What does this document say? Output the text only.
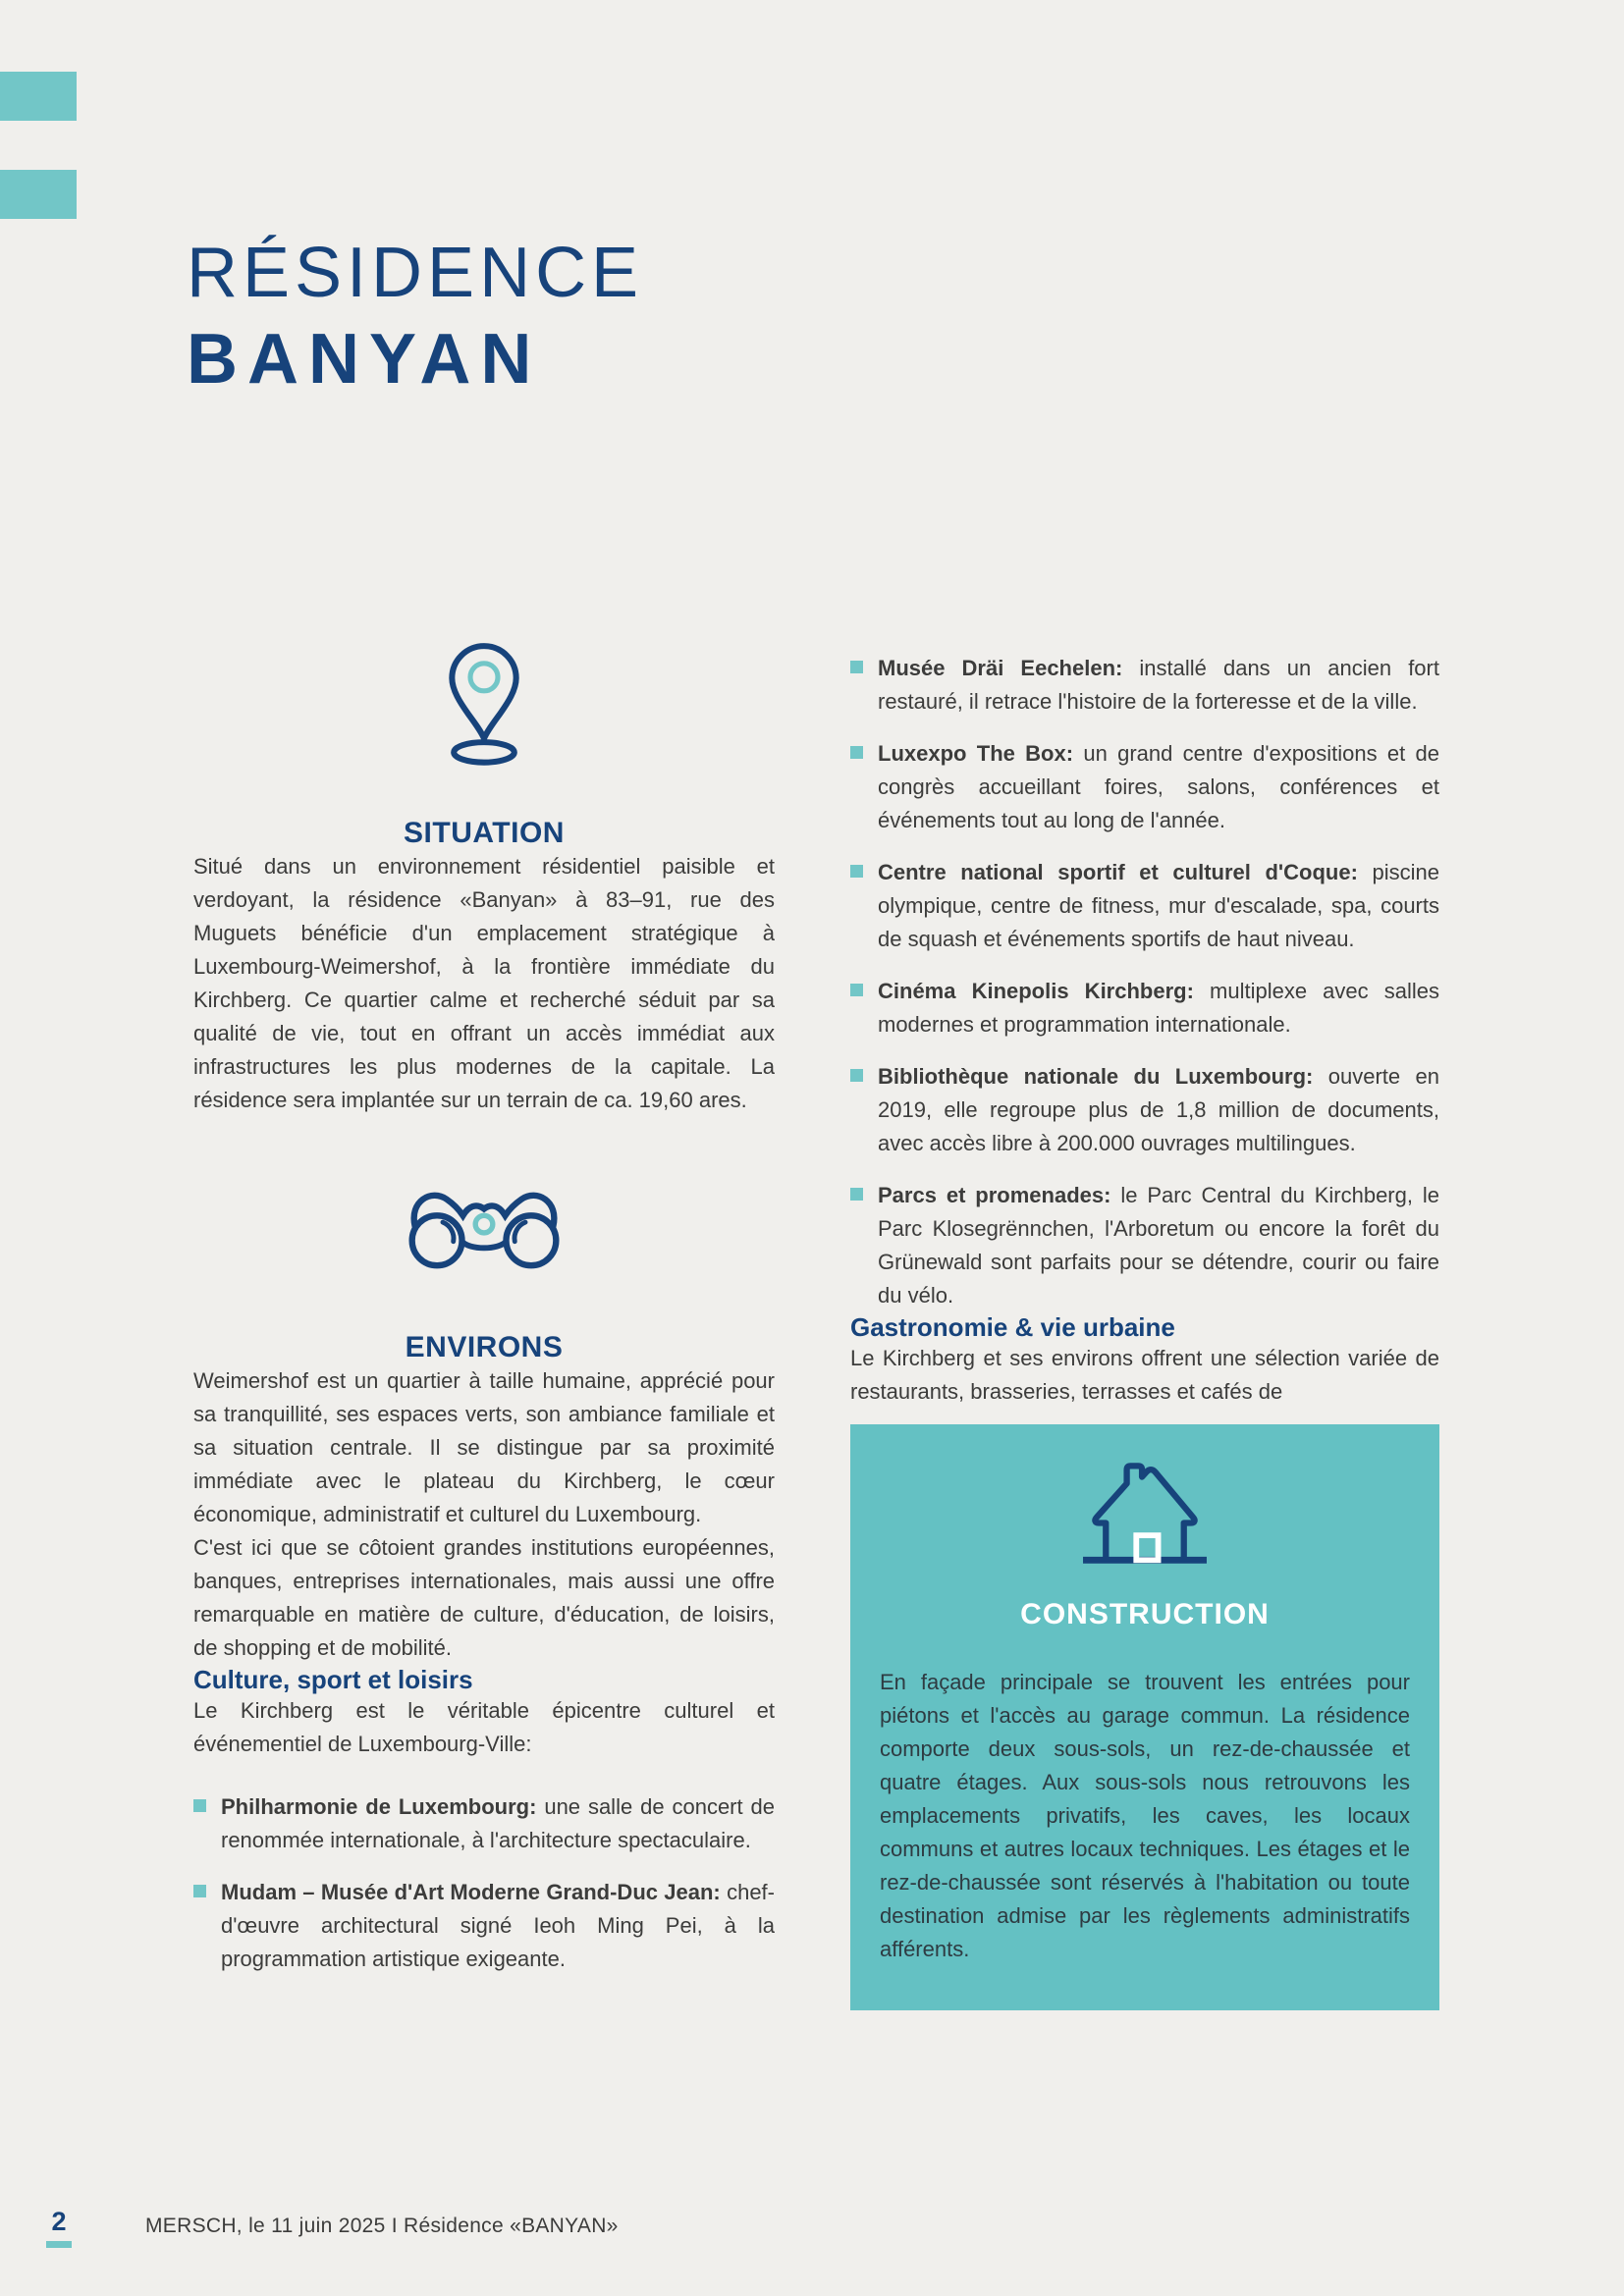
RÉSIDENCE
BANYAN
SITUATION

Situé dans un environnement résidentiel paisible et verdoyant, la résidence «Banyan» à 83–91, rue des Muguets bénéficie d'un emplacement stratégique à Luxembourg-Weimershof, à la frontière immédiate du Kirchberg. Ce quartier calme et recherché séduit par sa qualité de vie, tout en offrant un accès immédiat aux infrastructures les plus modernes de la capitale. La résidence sera implantée sur un terrain de ca. 19,60 ares.

ENVIRONS

Weimershof est un quartier à taille humaine, apprécié pour sa tranquillité, ses espaces verts, son ambiance familiale et sa situation centrale. Il se distingue par sa proximité immédiate avec le plateau du Kirchberg, le cœur économique, administratif et culturel du Luxembourg.

C'est ici que se côtoient grandes institutions européennes, banques, entreprises internationales, mais aussi une offre remarquable en matière de culture, d'éducation, de loisirs, de shopping et de mobilité.

Culture, sport et loisirs

Le Kirchberg est le véritable épicentre culturel et événementiel de Luxembourg-Ville:

Philharmonie de Luxembourg: une salle de concert de renommée internationale, à l'architecture spectaculaire.
Mudam – Musée d'Art Moderne Grand-Duc Jean: chef-d'œuvre architectural signé Ieoh Ming Pei, à la programmation artistique exigeante.
Musée Dräi Eechelen: installé dans un ancien fort restauré, il retrace l'histoire de la forteresse et de la ville.
Luxexpo The Box: un grand centre d'expositions et de congrès accueillant foires, salons, conférences et événements tout au long de l'année.
Centre national sportif et culturel d'Coque: piscine olympique, centre de fitness, mur d'escalade, spa, courts de squash et événements sportifs de haut niveau.
Cinéma Kinepolis Kirchberg: multiplexe avec salles modernes et programmation internationale.
Bibliothèque nationale du Luxembourg: ouverte en 2019, elle regroupe plus de 1,8 million de documents, avec accès libre à 200.000 ouvrages multilingues.
Parcs et promenades: le Parc Central du Kirchberg, le Parc Klosegrënnchen, l'Arboretum ou encore la forêt du Grünewald sont parfaits pour se détendre, courir ou faire du vélo.
Gastronomie & vie urbaine

Le Kirchberg et ses environs offrent une sélection variée de restaurants, brasseries, terrasses et cafés de

CONSTRUCTION

En façade principale se trouvent les entrées pour piétons et l'accès au garage commun. La résidence comporte deux sous-sols, un rez-de-chaussée et quatre étages. Aux sous-sols nous retrouvons les emplacements privatifs, les caves, les locaux communs et autres locaux techniques. Les étages et le rez-de-chaussée sont réservés à l'habitation ou toute destination admise par les règlements administratifs afférents.

2	MERSCH, le 11 juin 2025 I Résidence «BANYAN»
